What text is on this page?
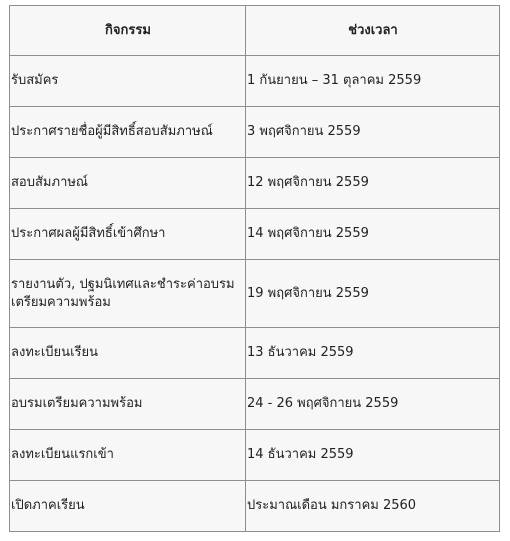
กิจกรรม	ช่วงเวลา
รับสมัคร	1 กันยายน – 31 ตุลาคม 2559
ประกาศรายชื่อผู้มีสิทธิ์สอบสัมภาษณ์	3 พฤศจิกายน 2559
สอบสัมภาษณ์	12 พฤศจิกายน 2559
ประกาศผลผู้มีสิทธิ์เข้าศึกษา	14 พฤศจิกายน 2559
รายงานตัว, ปฐมนิเทศและชำระค่าอบรมเตรียมความพร้อม	19 พฤศจิกายน 2559
ลงทะเบียนเรียน	13 ธันวาคม 2559
อบรมเตรียมความพร้อม	24 - 26 พฤศจิกายน 2559
ลงทะเบียนแรกเข้า	14 ธันวาคม 2559
เปิดภาคเรียน	ประมาณเดือน มกราคม 2560
